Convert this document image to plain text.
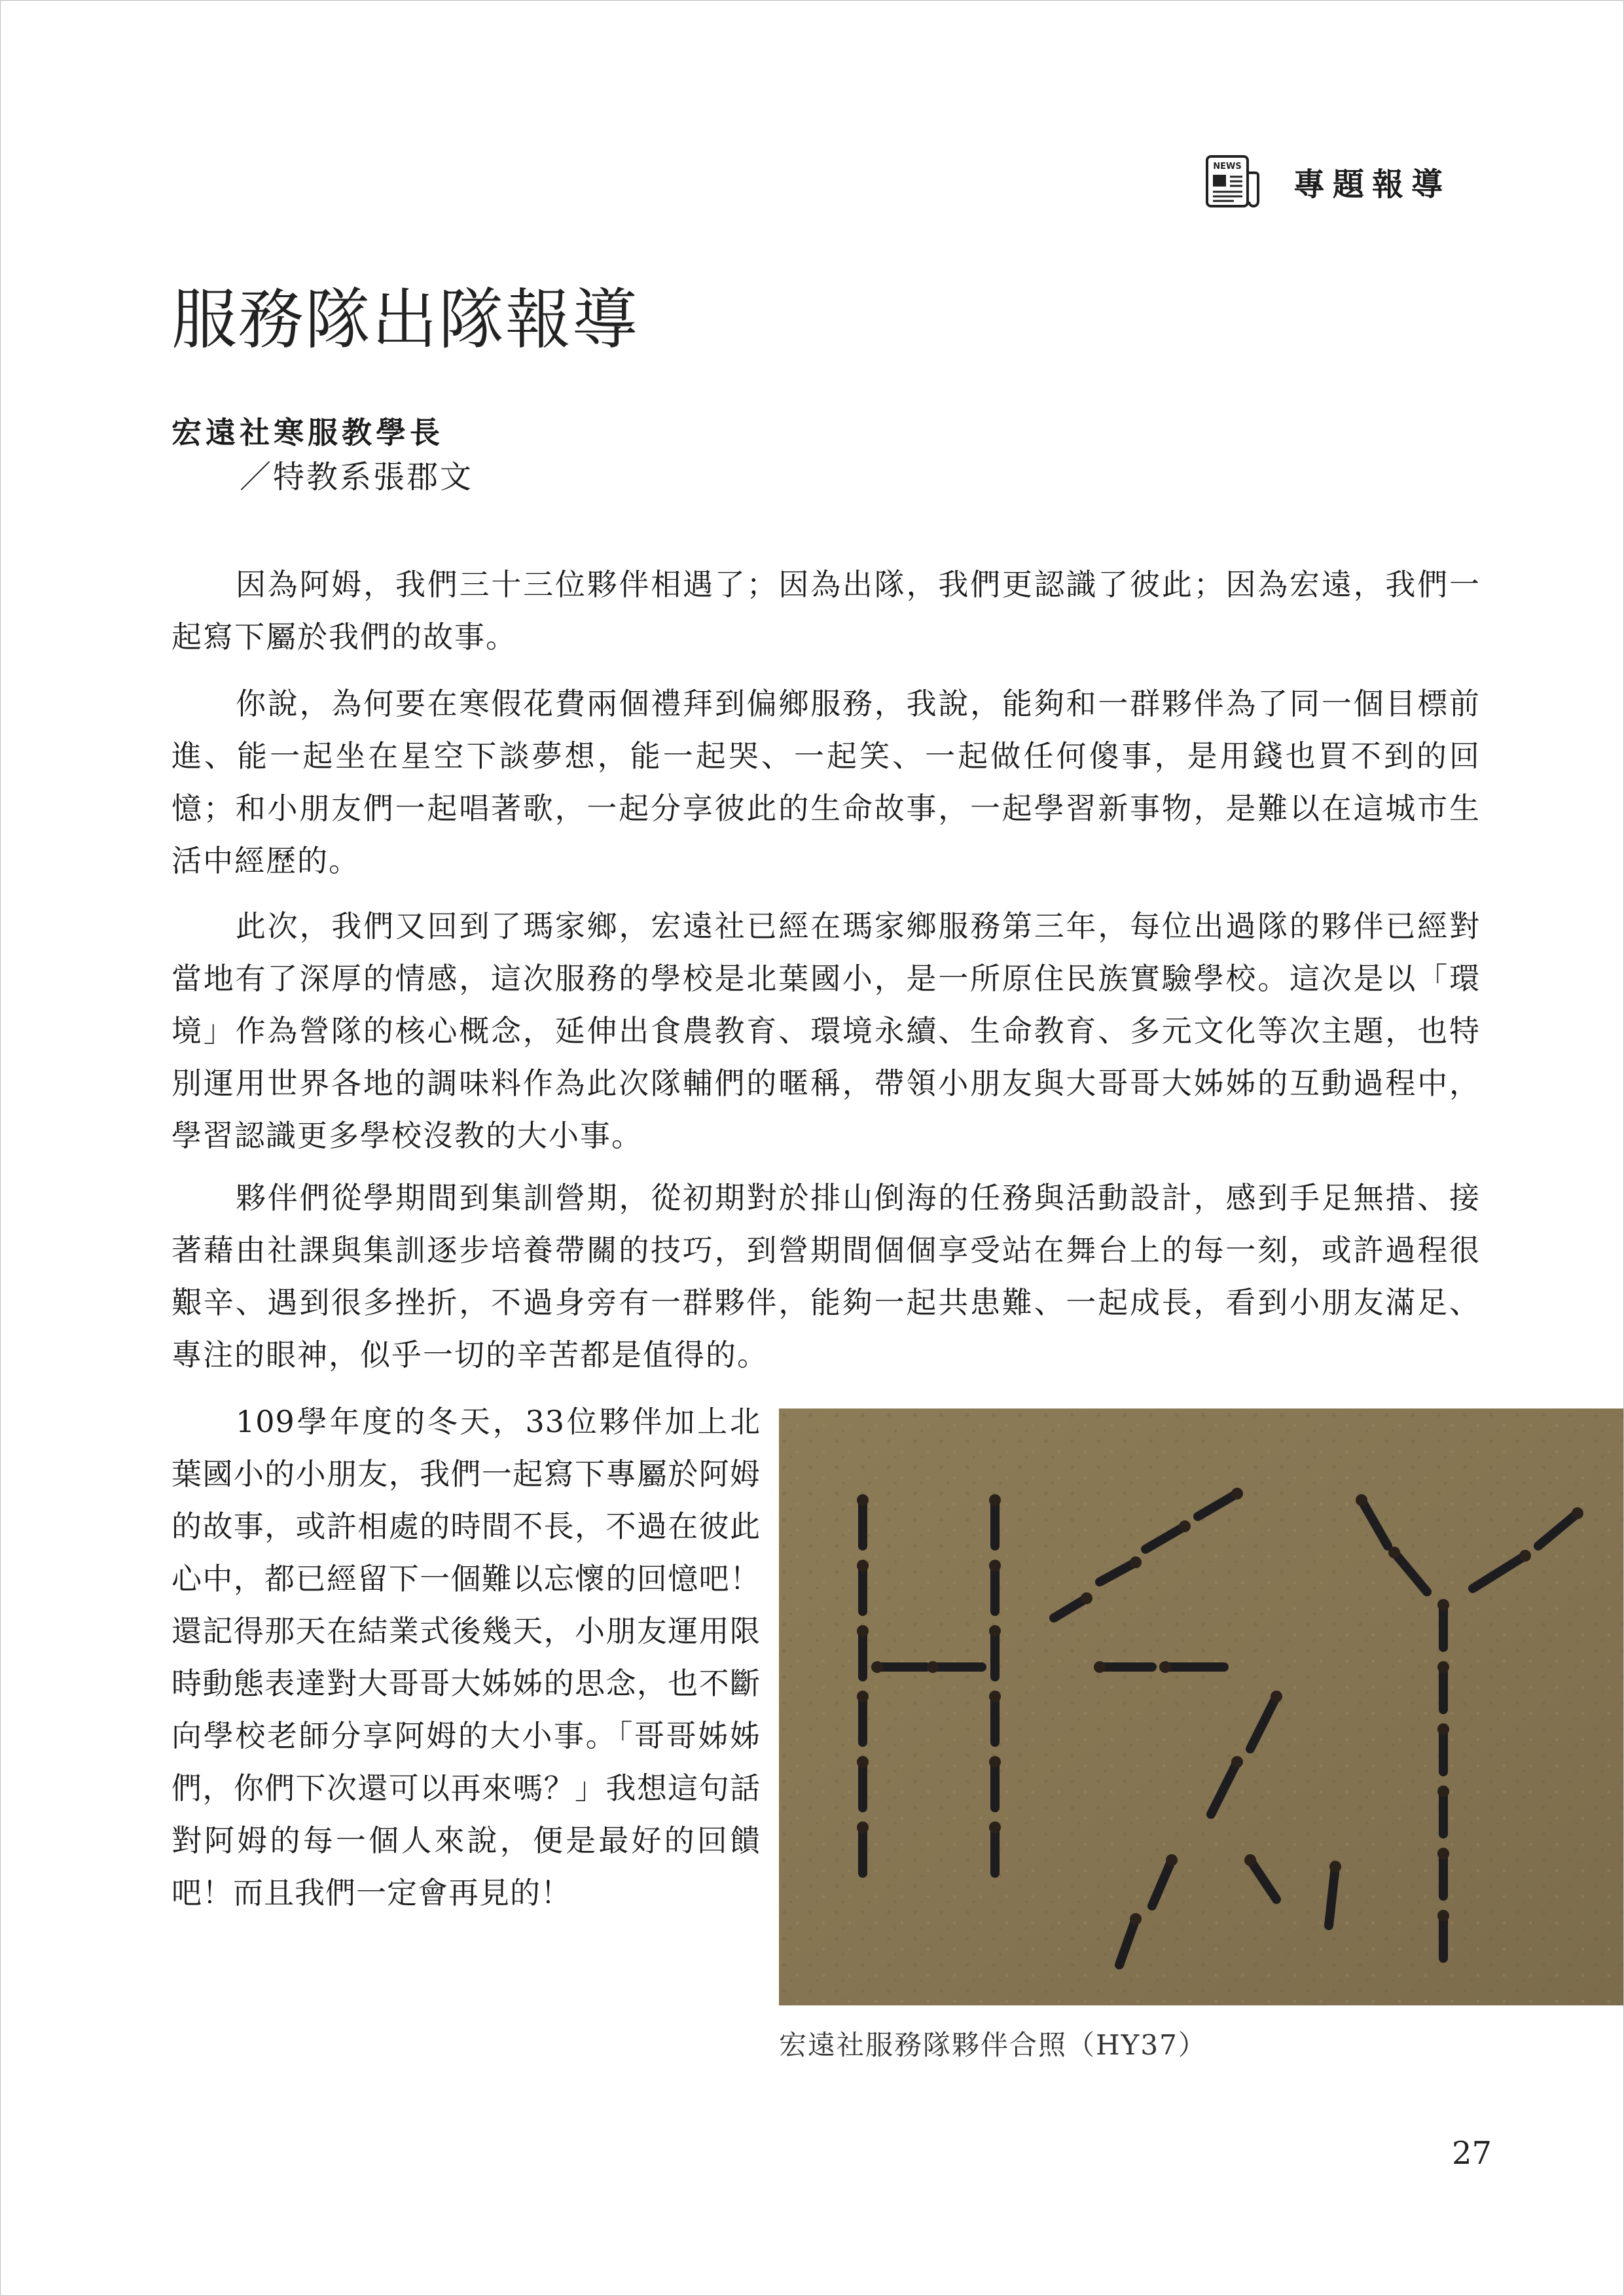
NEWS 專題報導
服務隊出隊報導
宏遠社寒服教學長
／特教系張郡文

因為阿姆，我們三十三位夥伴相遇了；因為出隊，我們更認識了彼此；因為宏遠，我們一起寫下屬於我們的故事。

你說，為何要在寒假花費兩個禮拜到偏鄉服務，我說，能夠和一群夥伴為了同一個目標前進、能一起坐在星空下談夢想，能一起哭、一起笑、一起做任何傻事，是用錢也買不到的回憶；和小朋友們一起唱著歌，一起分享彼此的生命故事，一起學習新事物，是難以在這城市生活中經歷的。

此次，我們又回到了瑪家鄉，宏遠社已經在瑪家鄉服務第三年，每位出過隊的夥伴已經對當地有了深厚的情感，這次服務的學校是北葉國小，是一所原住民族實驗學校。這次是以「環境」作為營隊的核心概念，延伸出食農教育、環境永續、生命教育、多元文化等次主題，也特別運用世界各地的調味料作為此次隊輔們的暱稱，帶領小朋友與大哥哥大姊姊的互動過程中，學習認識更多學校沒教的大小事。

夥伴們從學期間到集訓營期，從初期對於排山倒海的任務與活動設計，感到手足無措、接著藉由社課與集訓逐步培養帶關的技巧，到營期間個個享受站在舞台上的每一刻，或許過程很艱辛、遇到很多挫折，不過身旁有一群夥伴，能夠一起共患難、一起成長，看到小朋友滿足、專注的眼神，似乎一切的辛苦都是值得的。

109學年度的冬天，33位夥伴加上北葉國小的小朋友，我們一起寫下專屬於阿姆的故事，或許相處的時間不長，不過在彼此心中，都已經留下一個難以忘懷的回憶吧！還記得那天在結業式後幾天，小朋友運用限時動態表達對大哥哥大姊姊的思念，也不斷向學校老師分享阿姆的大小事。「哥哥姊姊們，你們下次還可以再來嗎？」我想這句話對阿姆的每一個人來說，便是最好的回饋吧！而且我們一定會再見的！

宏遠社服務隊夥伴合照（HY37）
27
